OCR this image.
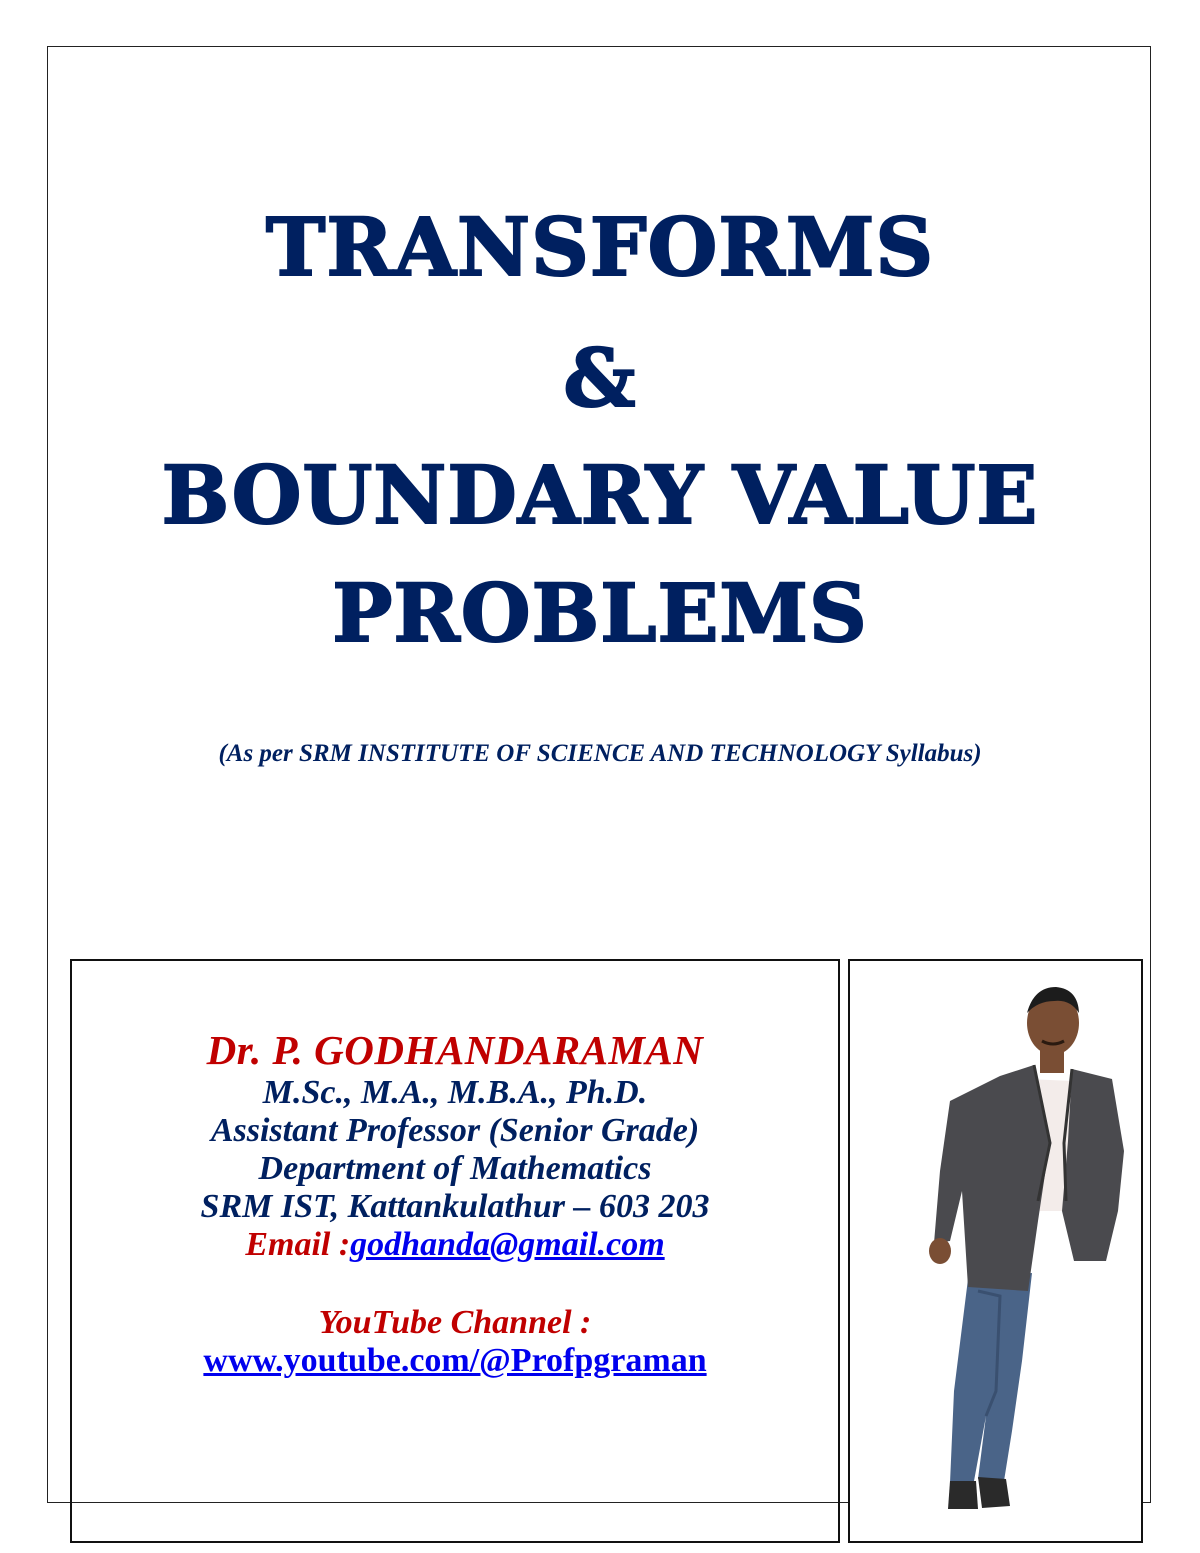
TRANSFORMS
&
BOUNDARY VALUE
PROBLEMS
(As per SRM INSTITUTE OF SCIENCE AND TECHNOLOGY Syllabus)
Dr. P. GODHANDARAMAN
M.Sc., M.A., M.B.A., Ph.D.
Assistant Professor (Senior Grade)
Department of Mathematics
SRM IST, Kattankulathur – 603 203
Email :godhanda@gmail.com
YouTube Channel :
www.youtube.com/@Profpgraman
